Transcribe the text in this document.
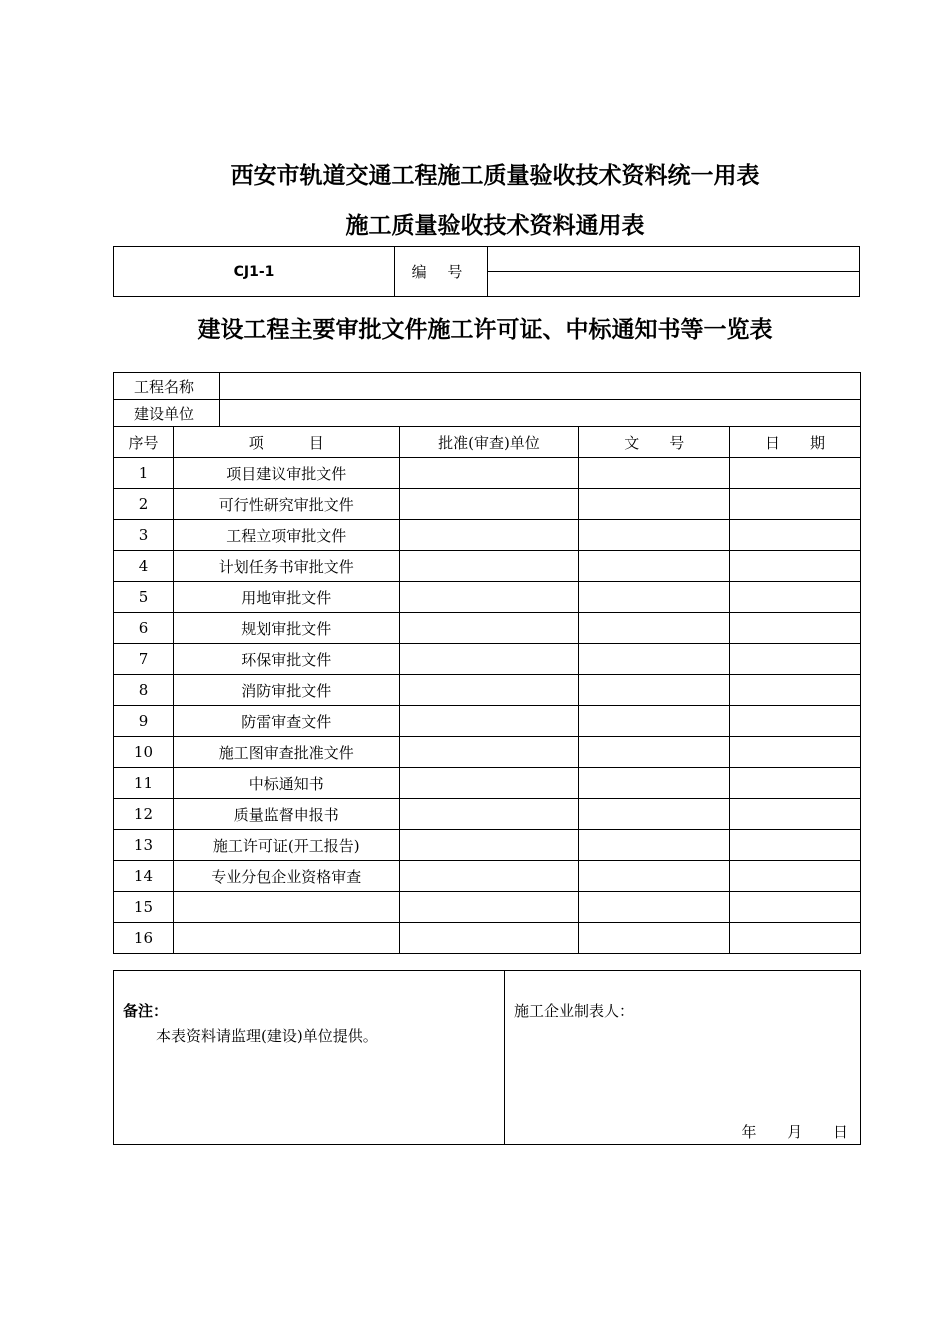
西安市轨道交通工程施工质量验收技术资料统一用表
施工质量验收技术资料通用表
CJ1-1	编 号	
建设工程主要审批文件施工许可证、中标通知书等一览表
工程名称					
建设单位					
序号	项　　　目		批准(审查)单位	文　　号	日　　期
1	项目建议审批文件				
2	可行性研究审批文件				
3	工程立项审批文件				
4	计划任务书审批文件				
5	用地审批文件				
6	规划审批文件				
7	环保审批文件				
8	消防审批文件				
9	防雷审查文件				
10	施工图审查批准文件				
11	中标通知书				
12	质量监督申报书				
13	施工许可证(开工报告)				
14	专业分包企业资格审查				
15					
16					
备注：
本表资料请监理(建设)单位提供。

施工企业制表人：
年 月 日
